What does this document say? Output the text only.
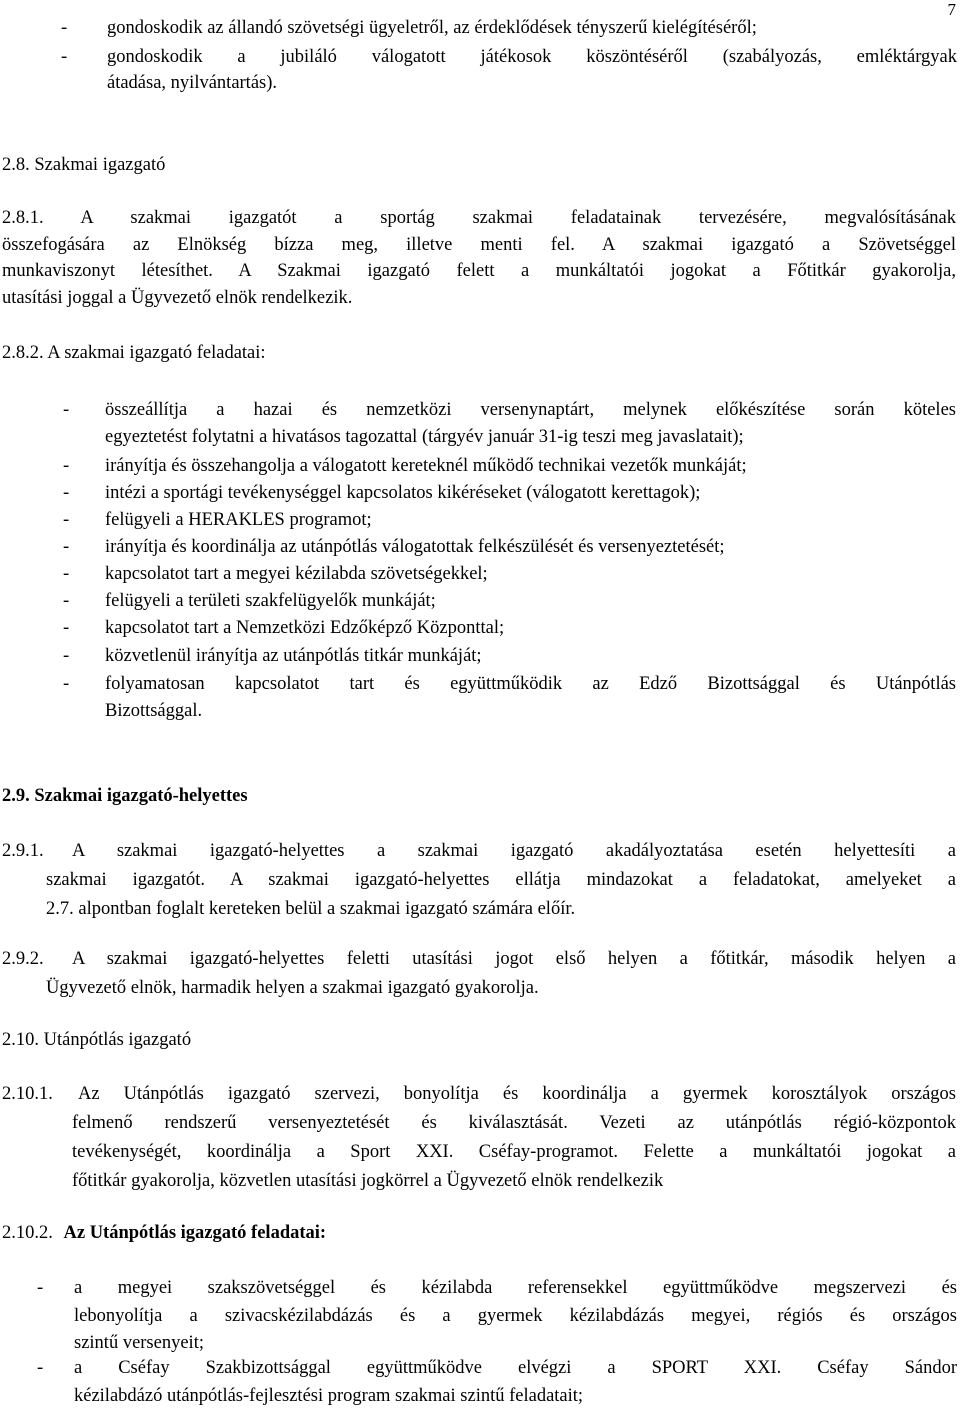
7
- gondoskodik az állandó szövetségi ügyeletről, az érdeklődések tényszerű kielégítéséről;
- gondoskodik a jubiláló válogatott játékosok köszöntéséről (szabályozás, emléktárgyak
átadása, nyilvántartás).
2.8. Szakmai igazgató
2.8.1. A szakmai igazgatót a sportág szakmai feladatainak tervezésére, megvalósításának
összefogására az Elnökség bízza meg, illetve menti fel. A szakmai igazgató a Szövetséggel
munkaviszonyt létesíthet. A Szakmai igazgató felett a munkáltatói jogokat a Főtitkár gyakorolja,
utasítási joggal a Ügyvezető elnök rendelkezik.
2.8.2. A szakmai igazgató feladatai:
- összeállítja a hazai és nemzetközi versenynaptárt, melynek előkészítése során köteles
egyeztetést folytatni a hivatásos tagozattal (tárgyév január 31-ig teszi meg javaslatait);
- irányítja és összehangolja a válogatott kereteknél működő technikai vezetők munkáját;
- intézi a sportági tevékenységgel kapcsolatos kikéréseket (válogatott kerettagok);
- felügyeli a HERAKLES programot;
- irányítja és koordinálja az utánpótlás válogatottak felkészülését és versenyeztetését;
- kapcsolatot tart a megyei kézilabda szövetségekkel;
- felügyeli a területi szakfelügyelők munkáját;
- kapcsolatot tart a Nemzetközi Edzőképző Központtal;
- közvetlenül irányítja az utánpótlás titkár munkáját;
- folyamatosan kapcsolatot tart és együttműködik az Edző Bizottsággal és Utánpótlás
Bizottsággal.
2.9. Szakmai igazgató-helyettes
2.9.1. A szakmai igazgató-helyettes a szakmai igazgató akadályoztatása esetén helyettesíti a
szakmai igazgatót. A szakmai igazgató-helyettes ellátja mindazokat a feladatokat, amelyeket a
2.7. alpontban foglalt kereteken belül a szakmai igazgató számára előír.
2.9.2. A szakmai igazgató-helyettes feletti utasítási jogot első helyen a főtitkár, második helyen a
Ügyvezető elnök, harmadik helyen a szakmai igazgató gyakorolja.
2.10. Utánpótlás igazgató
2.10.1. Az Utánpótlás igazgató szervezi, bonyolítja és koordinálja a gyermek korosztályok országos
felmenő rendszerű versenyeztetését és kiválasztását. Vezeti az utánpótlás régió-központok
tevékenységét, koordinálja a Sport XXI. Cséfay-programot. Felette a munkáltatói jogokat a
főtitkár gyakorolja, közvetlen utasítási jogkörrel a Ügyvezető elnök rendelkezik
2.10.2. Az Utánpótlás igazgató feladatai:
- a megyei szakszövetséggel és kézilabda referensekkel együttműködve megszervezi és
lebonyolítja a szivacskézilabdázás és a gyermek kézilabdázás megyei, régiós és országos
szintű versenyeit;
- a Cséfay Szakbizottsággal együttműködve elvégzi a SPORT XXI. Cséfay Sándor
kézilabdázó utánpótlás-fejlesztési program szakmai szintű feladatait;
